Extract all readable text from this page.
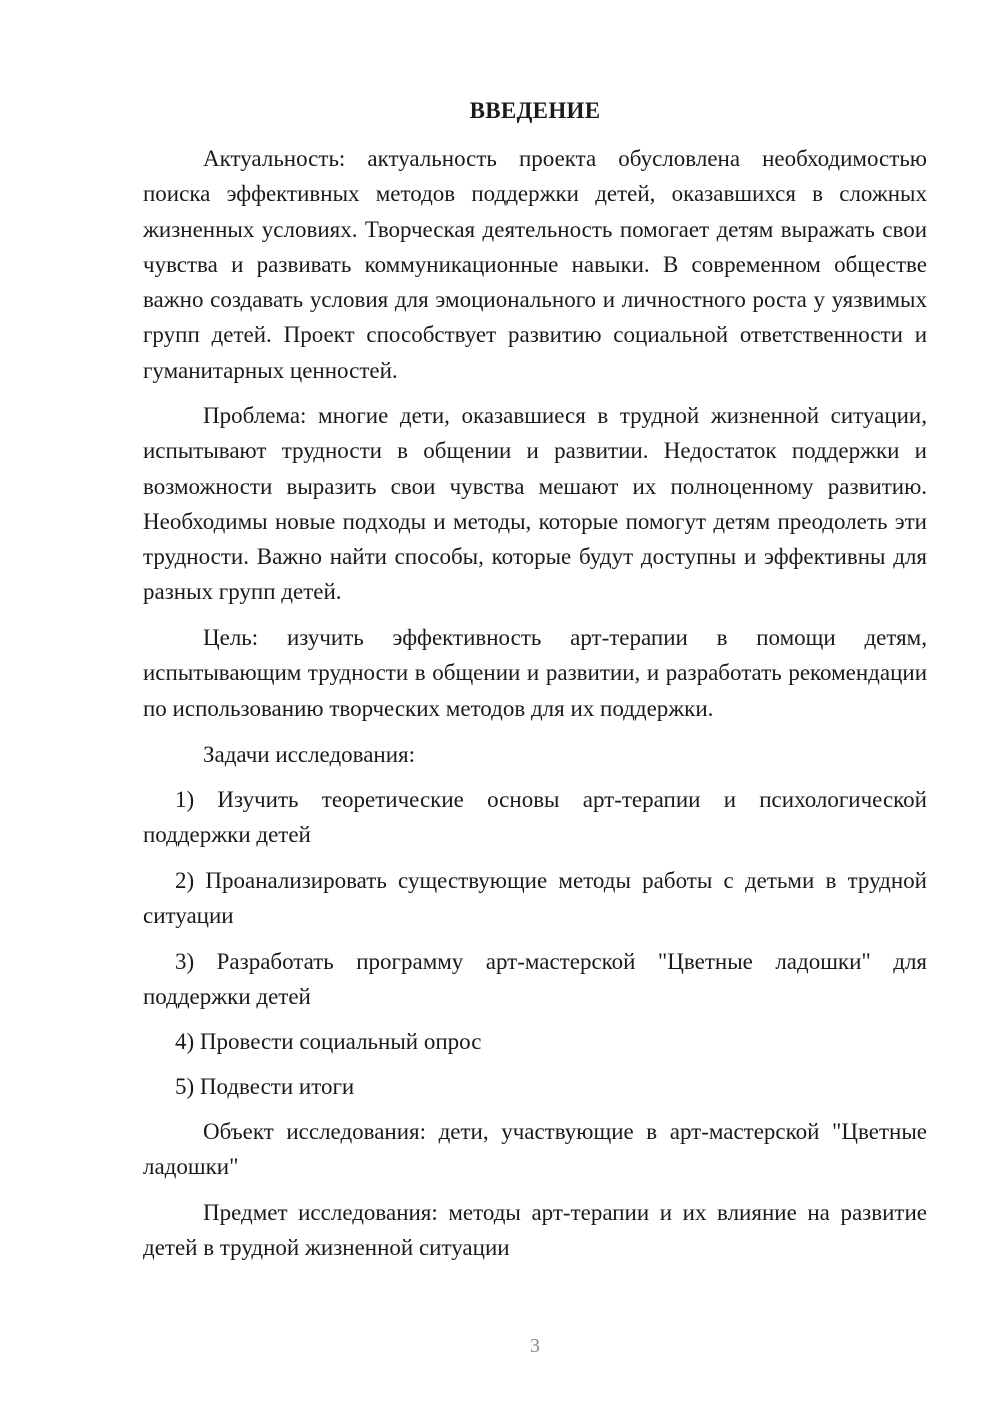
ВВЕДЕНИЕ

Актуальность: актуальность проекта обусловлена необходимостью поиска эффективных методов поддержки детей, оказавшихся в сложных жизненных условиях. Творческая деятельность помогает детям выражать свои чувства и развивать коммуникационные навыки. В современном обществе важно создавать условия для эмоционального и личностного роста у уязвимых групп детей. Проект способствует развитию социальной ответственности и гуманитарных ценностей.

Проблема: многие дети, оказавшиеся в трудной жизненной ситуации, испытывают трудности в общении и развитии. Недостаток поддержки и возможности выразить свои чувства мешают их полноценному развитию. Необходимы новые подходы и методы, которые помогут детям преодолеть эти трудности. Важно найти способы, которые будут доступны и эффективны для разных групп детей.

Цель: изучить эффективность арт-терапии в помощи детям, испытывающим трудности в общении и развитии, и разработать рекомендации по использованию творческих методов для их поддержки.

Задачи исследования:

1) Изучить теоретические основы арт-терапии и психологической поддержки детей

2) Проанализировать существующие методы работы с детьми в трудной ситуации

3) Разработать программу арт-мастерской "Цветные ладошки" для поддержки детей

4) Провести социальный опрос

5) Подвести итоги

Объект исследования: дети, участвующие в арт-мастерской "Цветные ладошки"

Предмет исследования: методы арт-терапии и их влияние на развитие детей в трудной жизненной ситуации

3
